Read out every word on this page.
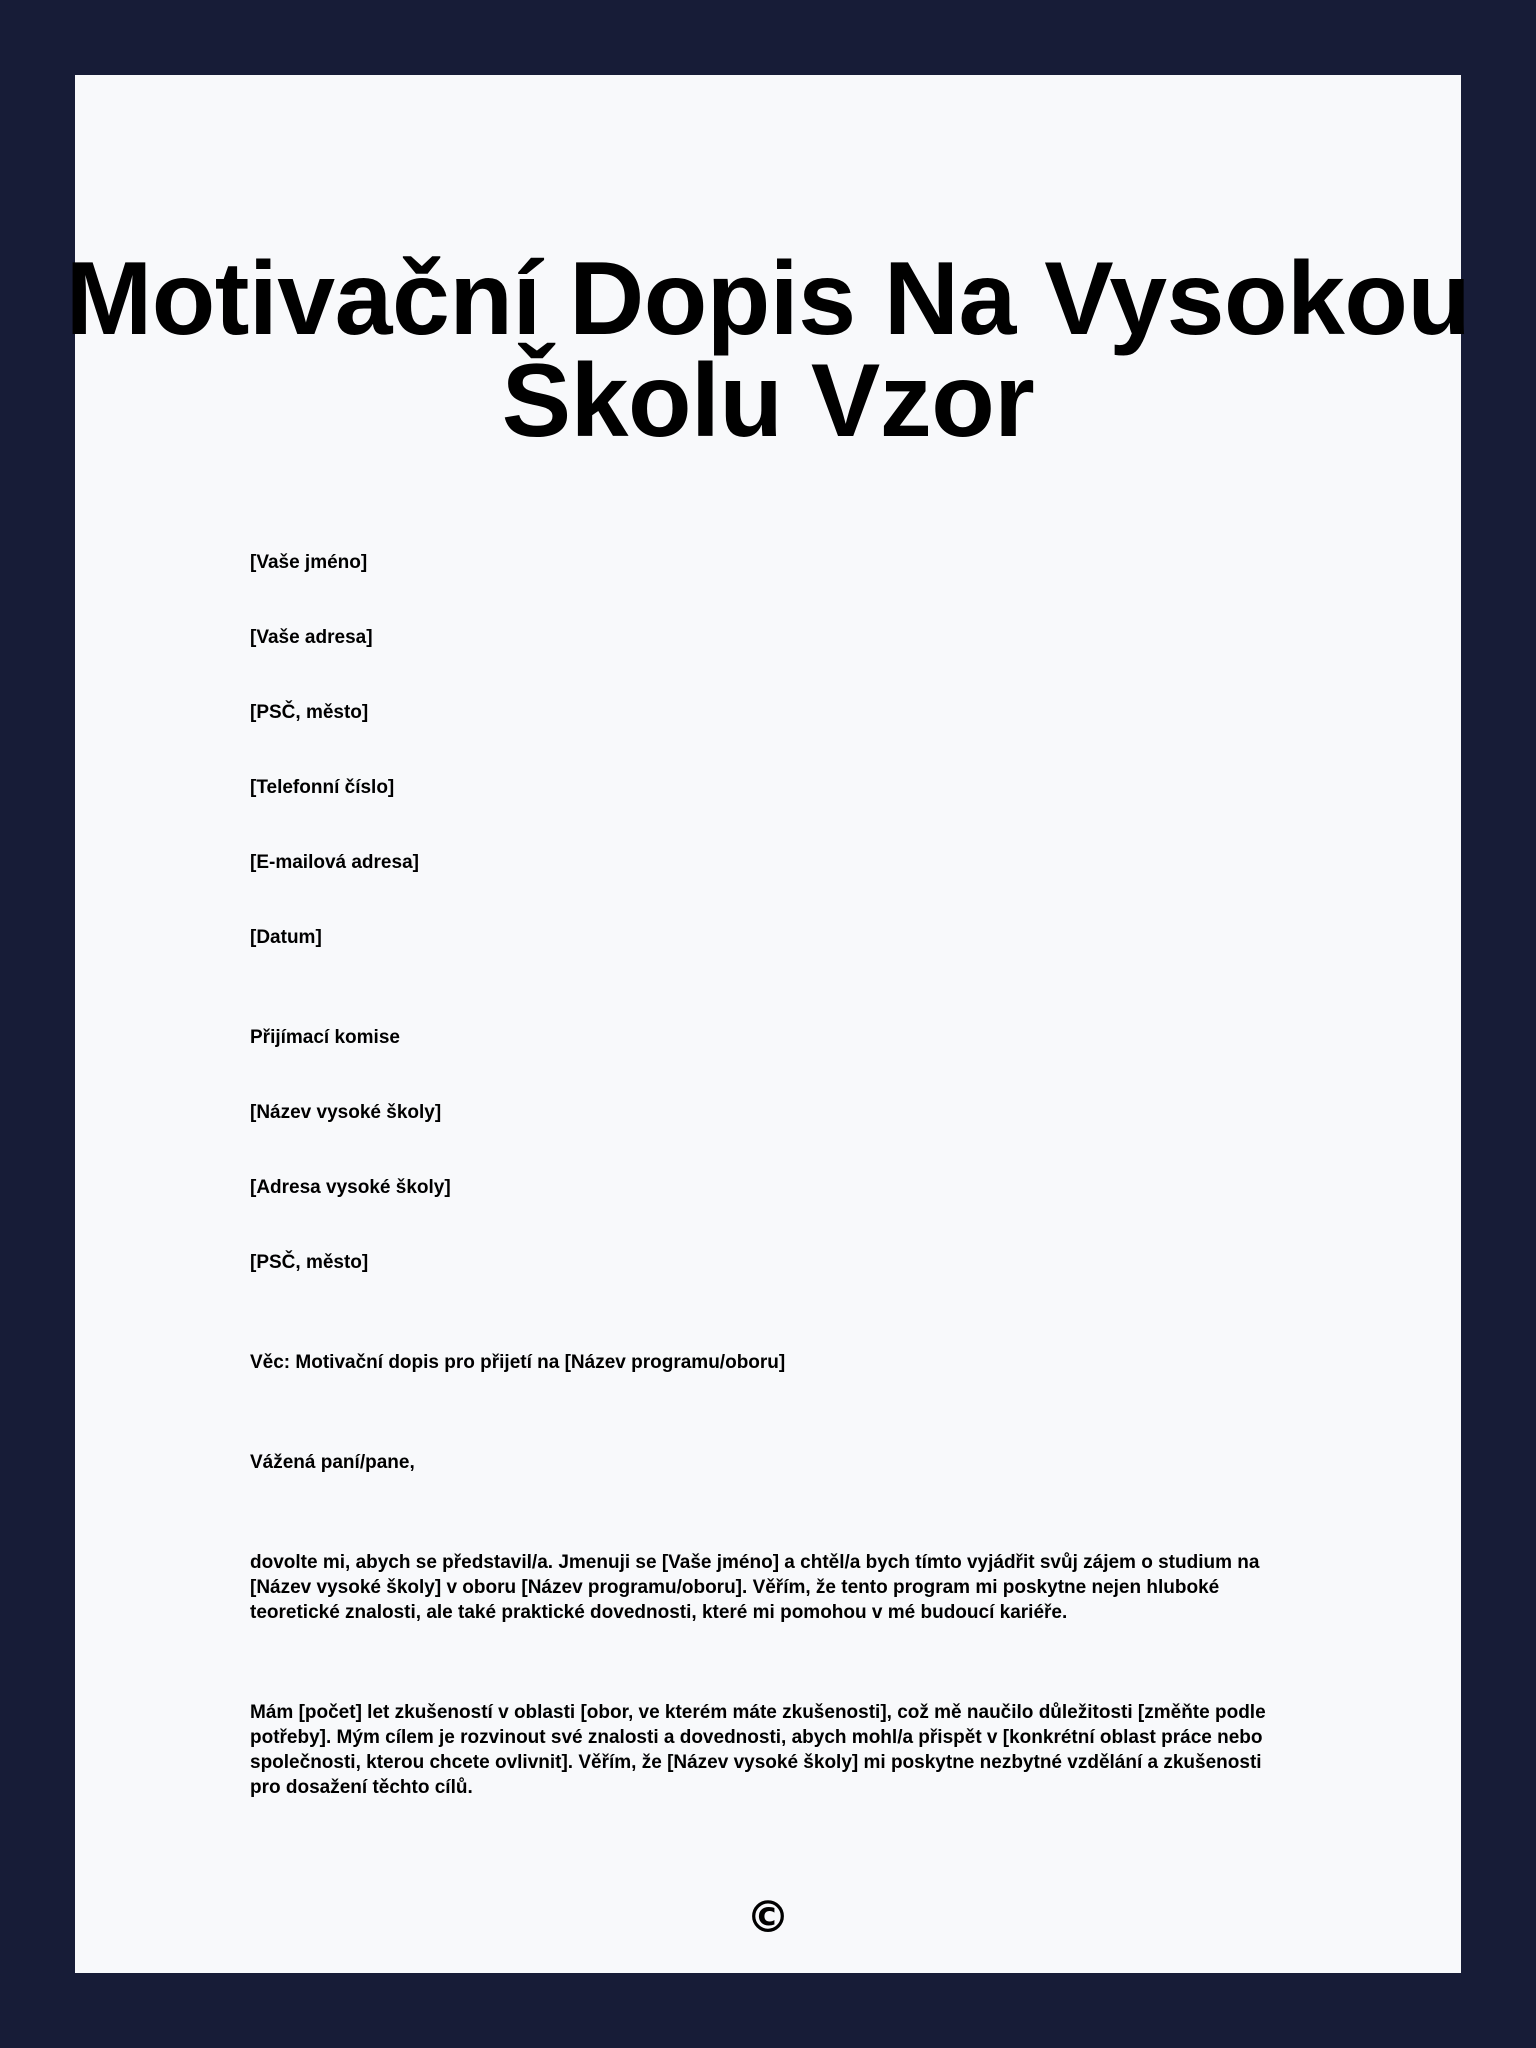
Motivační Dopis Na Vysokou Školu Vzor

[Vaše jméno]

[Vaše adresa]

[PSČ, město]

[Telefonní číslo]

[E-mailová adresa]

[Datum]

Přijímací komise

[Název vysoké školy]

[Adresa vysoké školy]

[PSČ, město]

Věc: Motivační dopis pro přijetí na [Název programu/oboru]

Vážená paní/pane,

dovolte mi, abych se představil/a. Jmenuji se [Vaše jméno] a chtěl/a bych tímto vyjádřit svůj zájem o studium na [Název vysoké školy] v oboru [Název programu/oboru]. Věřím, že tento program mi poskytne nejen hluboké teoretické znalosti, ale také praktické dovednosti, které mi pomohou v mé budoucí kariéře.

Mám [počet] let zkušeností v oblasti [obor, ve kterém máte zkušenosti], což mě naučilo důležitosti [změňte podle potřeby]. Mým cílem je rozvinout své znalosti a dovednosti, abych mohl/a přispět v [konkrétní oblast práce nebo společnosti, kterou chcete ovlivnit]. Věřím, že [Název vysoké školy] mi poskytne nezbytné vzdělání a zkušenosti pro dosažení těchto cílů.

©
